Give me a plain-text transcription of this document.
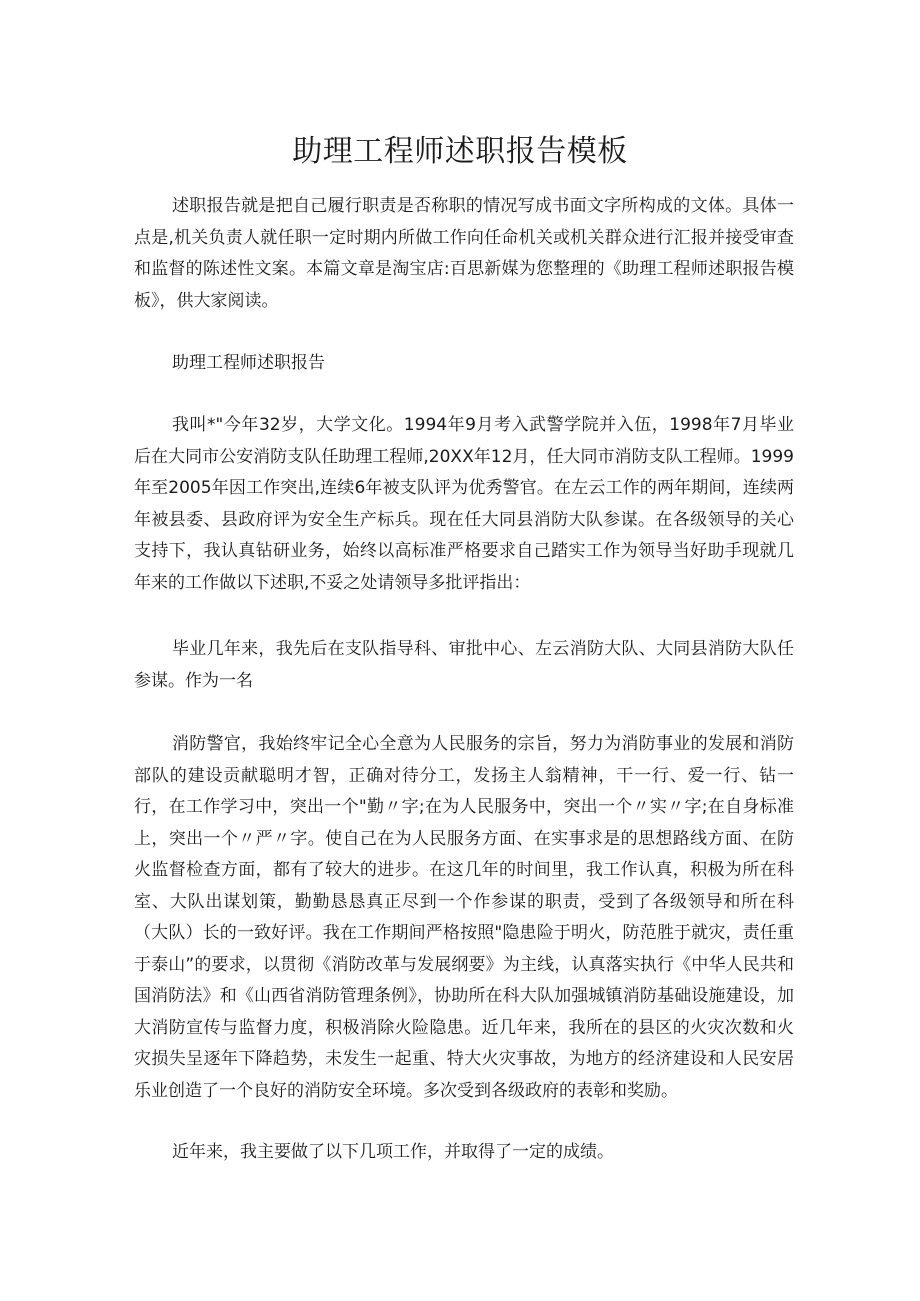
助理工程师述职报告模板

述职报告就是把自己履行职责是否称职的情况写成书面文字所构成的文体。具体一点是,机关负责人就任职一定时期内所做工作向任命机关或机关群众进行汇报并接受审查和监督的陈述性文案。本篇文章是淘宝店:百思新媒为您整理的《助理工程师述职报告模板》，供大家阅读。

助理工程师述职报告

我叫*"今年32岁，大学文化。1994年9月考入武警学院并入伍，1998年7月毕业后在大同市公安消防支队任助理工程师,20XX年12月，任大同市消防支队工程师。1999年至2005年因工作突出,连续6年被支队评为优秀警官。在左云工作的两年期间，连续两年被县委、县政府评为安全生产标兵。现在任大同县消防大队参谋。在各级领导的关心支持下，我认真钻研业务，始终以高标准严格要求自己踏实工作为领导当好助手现就几年来的工作做以下述职,不妥之处请领导多批评指出：

毕业几年来，我先后在支队指导科、审批中心、左云消防大队、大同县消防大队任参谋。作为一名

消防警官，我始终牢记全心全意为人民服务的宗旨，努力为消防事业的发展和消防部队的建设贡献聪明才智，正确对待分工，发扬主人翁精神，干一行、爱一行、钻一行，在工作学习中，突出一个"勤〃字;在为人民服务中，突出一个〃实〃字;在自身标准上，突出一个〃严〃字。使自己在为人民服务方面、在实事求是的思想路线方面、在防火监督检查方面，都有了较大的进步。在这几年的时间里，我工作认真，积极为所在科室、大队出谋划策，勤勤恳恳真正尽到一个作参谋的职责，受到了各级领导和所在科（大队）长的一致好评。我在工作期间严格按照"隐患险于明火，防范胜于就灾，责任重于泰山”的要求，以贯彻《消防改革与发展纲要》为主线，认真落实执行《中华人民共和国消防法》和《山西省消防管理条例》，协助所在科大队加强城镇消防基础设施建设，加大消防宣传与监督力度，积极消除火险隐患。近几年来，我所在的县区的火灾次数和火灾损失呈逐年下降趋势，未发生一起重、特大火灾事故，为地方的经济建设和人民安居乐业创造了一个良好的消防安全环境。多次受到各级政府的表彰和奖励。

近年来，我主要做了以下几项工作，并取得了一定的成绩。
